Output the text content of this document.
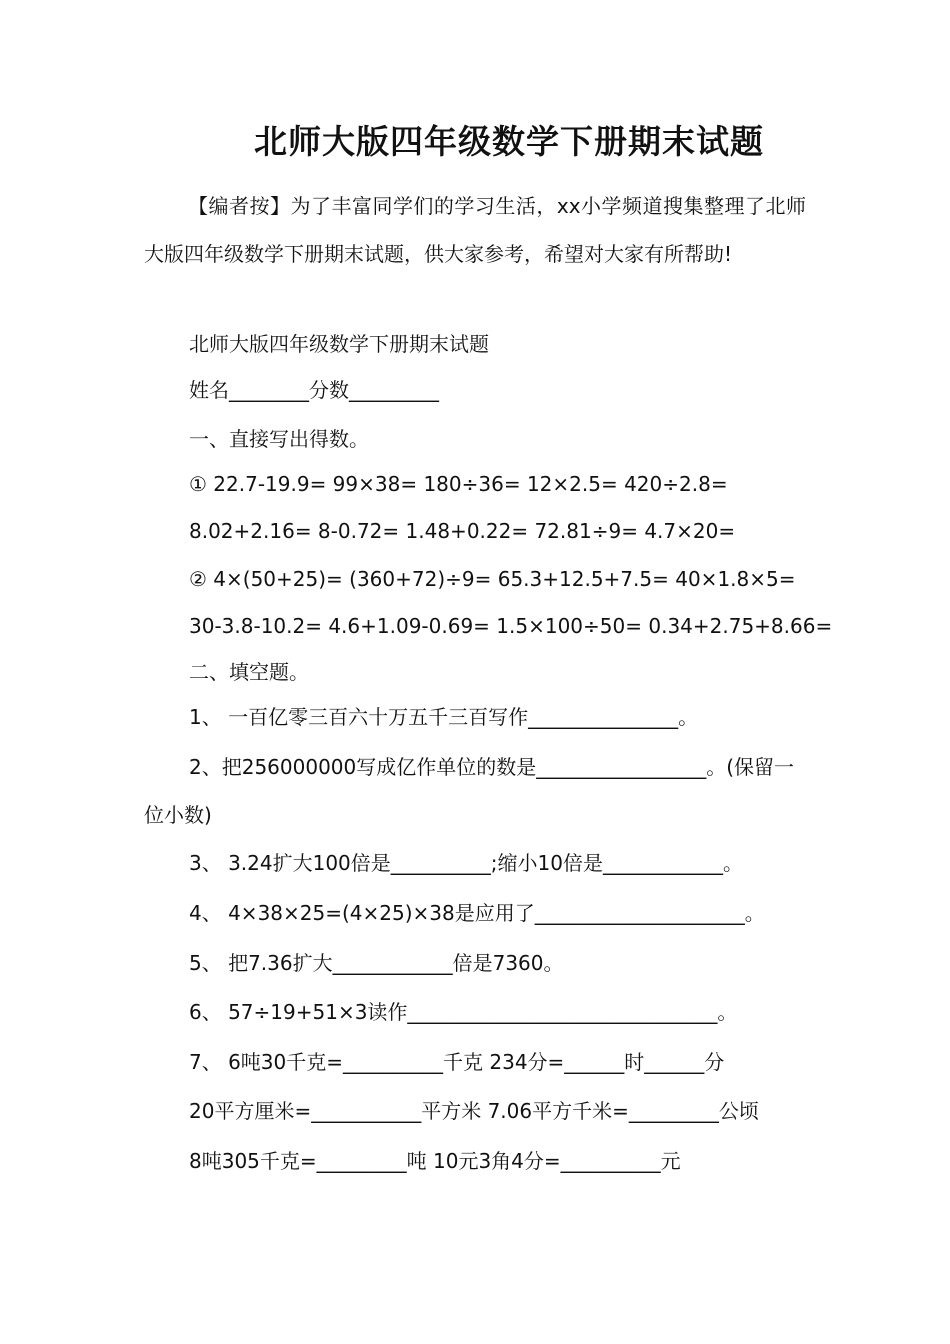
北师大版四年级数学下册期末试题

【编者按】为了丰富同学们的学习生活，xx小学频道搜集整理了北师大版四年级数学下册期末试题，供大家参考，希望对大家有所帮助!

北师大版四年级数学下册期末试题

姓名________分数_________

一、直接写出得数。

① 22.7-19.9= 99×38= 180÷36= 12×2.5= 420÷2.8=

8.02+2.16= 8-0.72= 1.48+0.22= 72.81÷9= 4.7×20=

② 4×(50+25)= (360+72)÷9= 65.3+12.5+7.5= 40×1.8×5=

30-3.8-10.2= 4.6+1.09-0.69= 1.5×100÷50= 0.34+2.75+8.66=

二、填空题。

1、 一百亿零三百六十万五千三百写作_______________。

2、把256000000写成亿作单位的数是_________________。(保留一位小数)

3、 3.24扩大100倍是__________;缩小10倍是____________。

4、 4×38×25=(4×25)×38是应用了_____________________。

5、 把7.36扩大____________倍是7360。

6、 57÷19+51×3读作_______________________________。

7、 6吨30千克=__________千克 234分=______时______分

20平方厘米=___________平方米 7.06平方千米=_________公顷

8吨305千克=_________吨 10元3角4分=__________元
